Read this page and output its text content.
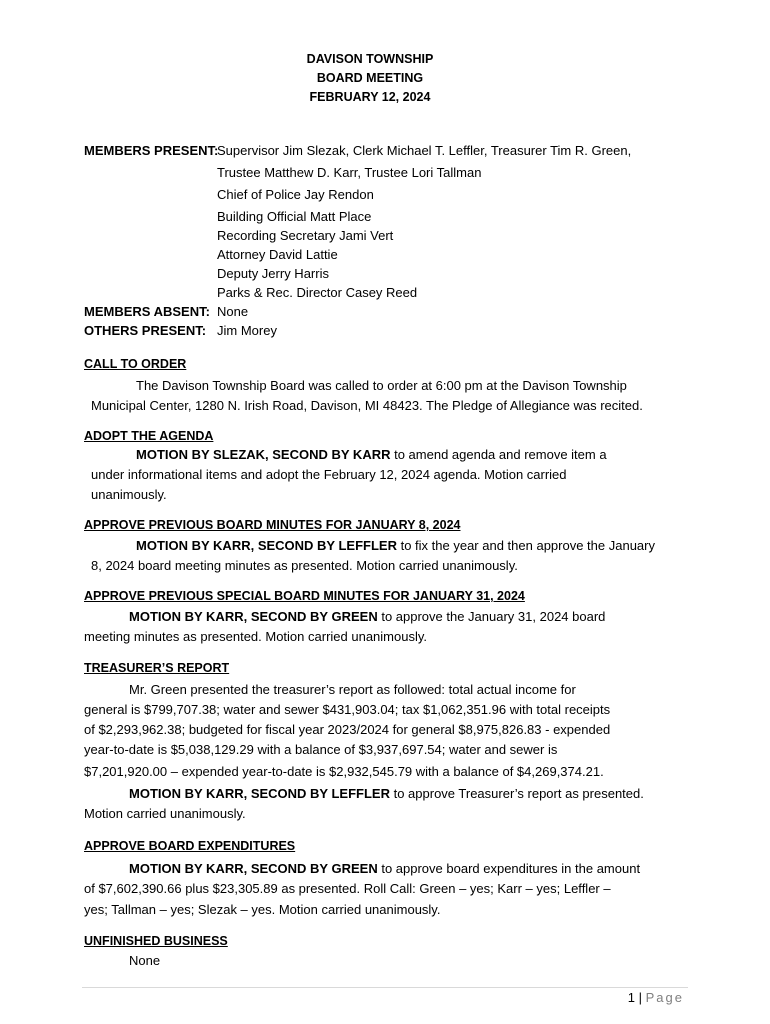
DAVISON TOWNSHIP
BOARD MEETING
FEBRUARY 12, 2024
MEMBERS PRESENT:
Supervisor Jim Slezak, Clerk Michael T. Leffler, Treasurer Tim R. Green,
Trustee Matthew D. Karr, Trustee Lori Tallman
Chief of Police Jay Rendon
Building Official Matt Place
Recording Secretary Jami Vert
Attorney David Lattie
Deputy Jerry Harris
Parks & Rec. Director Casey Reed
MEMBERS ABSENT: None
OTHERS PRESENT: Jim Morey
CALL TO ORDER
The Davison Township Board was called to order at 6:00 pm at the Davison Township
Municipal Center, 1280 N. Irish Road, Davison, MI 48423. The Pledge of Allegiance was recited.
ADOPT THE AGENDA
MOTION BY SLEZAK, SECOND BY KARR to amend agenda and remove item a
under informational items and adopt the February 12, 2024 agenda. Motion carried
unanimously.
APPROVE PREVIOUS BOARD MINUTES FOR JANUARY 8, 2024
MOTION BY KARR, SECOND BY LEFFLER to fix the year and then approve the January
8, 2024 board meeting minutes as presented. Motion carried unanimously.
APPROVE PREVIOUS SPECIAL BOARD MINUTES FOR JANUARY 31, 2024
MOTION BY KARR, SECOND BY GREEN to approve the January 31, 2024 board
meeting minutes as presented. Motion carried unanimously.
TREASURER’S REPORT
Mr. Green presented the treasurer’s report as followed: total actual income for
general is $799,707.38; water and sewer $431,903.04; tax $1,062,351.96 with total receipts
of $2,293,962.38; budgeted for fiscal year 2023/2024 for general $8,975,826.83 - expended
year-to-date is $5,038,129.29 with a balance of $3,937,697.54; water and sewer is
$7,201,920.00 – expended year-to-date is $2,932,545.79 with a balance of $4,269,374.21.
MOTION BY KARR, SECOND BY LEFFLER to approve Treasurer’s report as presented.
Motion carried unanimously.
APPROVE BOARD EXPENDITURES
MOTION BY KARR, SECOND BY GREEN to approve board expenditures in the amount
of $7,602,390.66 plus $23,305.89 as presented. Roll Call: Green – yes; Karr – yes; Leffler –
yes; Tallman – yes; Slezak – yes. Motion carried unanimously.
UNFINISHED BUSINESS
None
1 | Page
